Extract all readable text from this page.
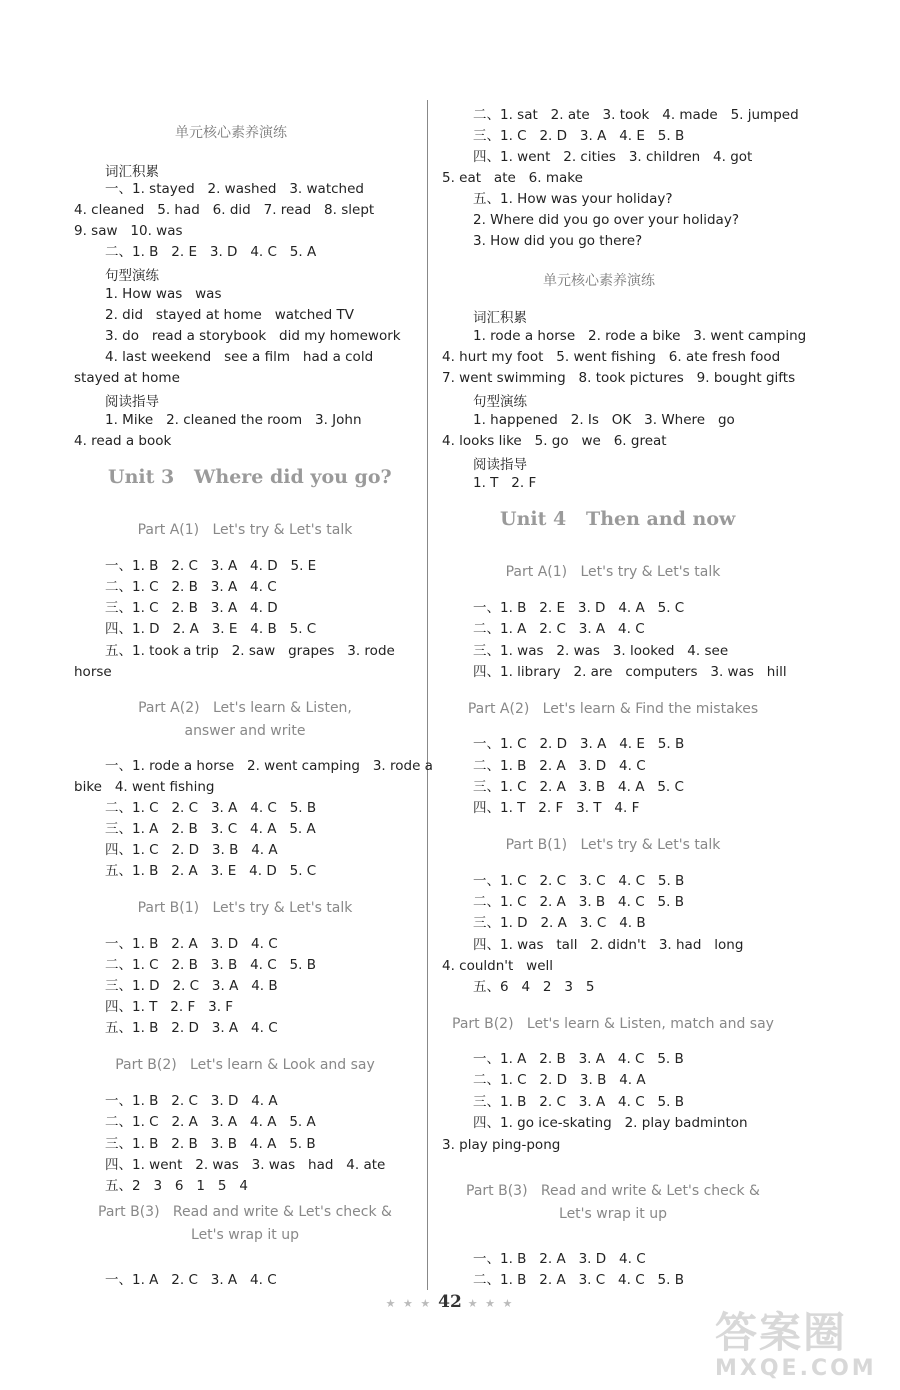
单元核心素养演练
词汇积累
一、1. stayed   2. washed   3. watched
4. cleaned   5. had   6. did   7. read   8. slept
9. saw   10. was
二、1. B   2. E   3. D   4. C   5. A
句型演练
1. How was   was
2. did   stayed at home   watched TV
3. do   read a storybook   did my homework
4. last weekend   see a film   had a cold
stayed at home
阅读指导
1. Mike   2. cleaned the room   3. John
4. read a book
Unit 3   Where did you go?
Part A(1)   Let's try & Let's talk
一、1. B   2. C   3. A   4. D   5. E
二、1. C   2. B   3. A   4. C
三、1. C   2. B   3. A   4. D
四、1. D   2. A   3. E   4. B   5. C
五、1. took a trip   2. saw   grapes   3. rode
horse
Part A(2)   Let's learn & Listen,
answer and write
一、1. rode a horse   2. went camping   3. rode a
bike   4. went fishing
二、1. C   2. C   3. A   4. C   5. B
三、1. A   2. B   3. C   4. A   5. A
四、1. C   2. D   3. B   4. A
五、1. B   2. A   3. E   4. D   5. C
Part B(1)   Let's try & Let's talk
一、1. B   2. A   3. D   4. C
二、1. C   2. B   3. B   4. C   5. B
三、1. D   2. C   3. A   4. B
四、1. T   2. F   3. F
五、1. B   2. D   3. A   4. C
Part B(2)   Let's learn & Look and say
一、1. B   2. C   3. D   4. A
二、1. C   2. A   3. A   4. A   5. A
三、1. B   2. B   3. B   4. A   5. B
四、1. went   2. was   3. was   had   4. ate
五、2   3   6   1   5   4
Part B(3)   Read and write & Let's check &
Let's wrap it up
一、1. A   2. C   3. A   4. C
二、1. sat   2. ate   3. took   4. made   5. jumped
三、1. C   2. D   3. A   4. E   5. B
四、1. went   2. cities   3. children   4. got
5. eat   ate   6. make
五、1. How was your holiday?
2. Where did you go over your holiday?
3. How did you go there?
单元核心素养演练
词汇积累
1. rode a horse   2. rode a bike   3. went camping
4. hurt my foot   5. went fishing   6. ate fresh food
7. went swimming   8. took pictures   9. bought gifts
句型演练
1. happened   2. Is   OK   3. Where   go
4. looks like   5. go   we   6. great
阅读指导
1. T   2. F
Unit 4   Then and now
Part A(1)   Let's try & Let's talk
一、1. B   2. E   3. D   4. A   5. C
二、1. A   2. C   3. A   4. C
三、1. was   2. was   3. looked   4. see
四、1. library   2. are   computers   3. was   hill
Part A(2)   Let's learn & Find the mistakes
一、1. C   2. D   3. A   4. E   5. B
二、1. B   2. A   3. D   4. C
三、1. C   2. A   3. B   4. A   5. C
四、1. T   2. F   3. T   4. F
Part B(1)   Let's try & Let's talk
一、1. C   2. C   3. C   4. C   5. B
二、1. C   2. A   3. B   4. C   5. B
三、1. D   2. A   3. C   4. B
四、1. was   tall   2. didn't   3. had   long
4. couldn't   well
五、6   4   2   3   5
Part B(2)   Let's learn & Listen, match and say
一、1. A   2. B   3. A   4. C   5. B
二、1. C   2. D   3. B   4. A
三、1. B   2. C   3. A   4. C   5. B
四、1. go ice-skating   2. play badminton
3. play ping-pong
Part B(3)   Read and write & Let's check &
Let's wrap it up
一、1. B   2. A   3. D   4. C
二、1. B   2. A   3. C   4. C   5. B
★ ★ ★ 42 ★ ★ ★
答案圈
MXQE.COM
